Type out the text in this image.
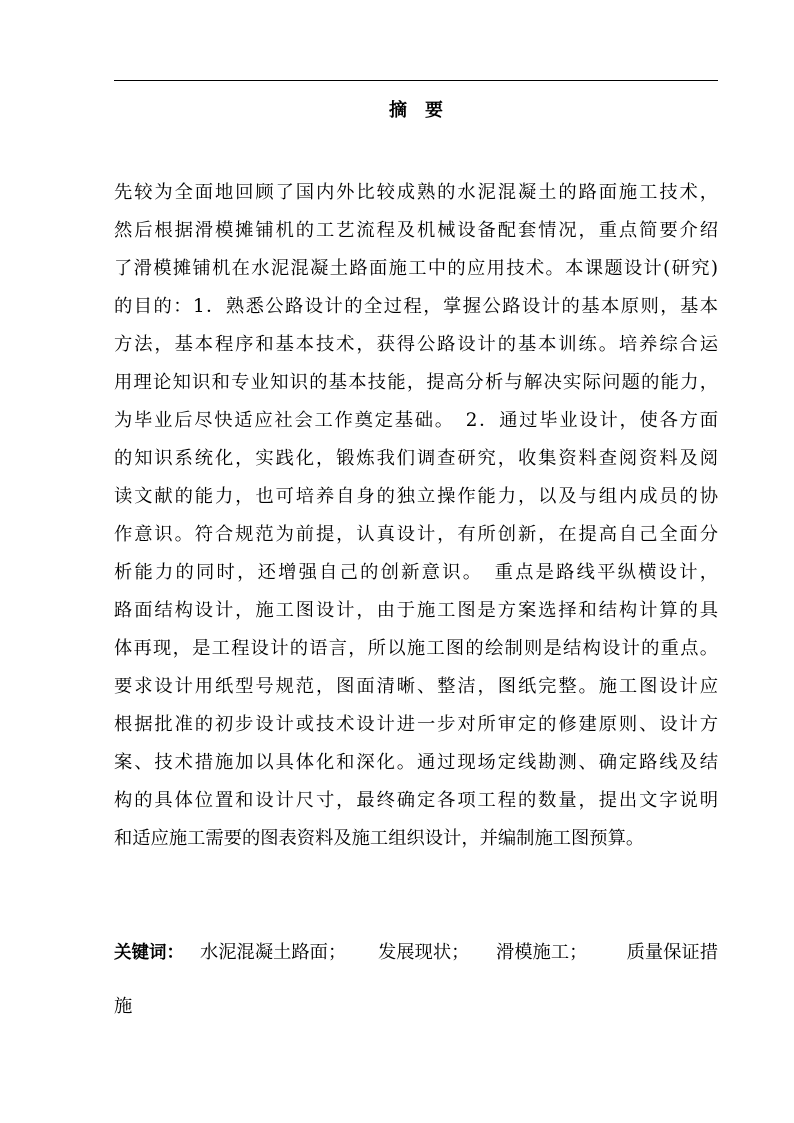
摘　要
先较为全面地回顾了国内外比较成熟的水泥混凝土的路面施工技术，
然后根据滑模摊铺机的工艺流程及机械设备配套情况，重点简要介绍
了滑模摊铺机在水泥混凝土路面施工中的应用技术。本课题设计(研究)
的目的：1．熟悉公路设计的全过程，掌握公路设计的基本原则，基本
方法，基本程序和基本技术，获得公路设计的基本训练。培养综合运
用理论知识和专业知识的基本技能，提高分析与解决实际问题的能力，
为毕业后尽快适应社会工作奠定基础。　2．通过毕业设计，使各方面
的知识系统化，实践化，锻炼我们调查研究，收集资料查阅资料及阅
读文献的能力，也可培养自身的独立操作能力，以及与组内成员的协
作意识。符合规范为前提，认真设计，有所创新，在提高自己全面分
析能力的同时，还增强自己的创新意识。　重点是路线平纵横设计，
路面结构设计，施工图设计，由于施工图是方案选择和结构计算的具
体再现，是工程设计的语言，所以施工图的绘制则是结构设计的重点。
要求设计用纸型号规范，图面清晰、整洁，图纸完整。施工图设计应
根据批准的初步设计或技术设计进一步对所审定的修建原则、设计方
案、技术措施加以具体化和深化。通过现场定线勘测、确定路线及结
构的具体位置和设计尺寸，最终确定各项工程的数量，提出文字说明
和适应施工需要的图表资料及施工组织设计，并编制施工图预算。
关键词： 水泥混凝土路面；	发展现状；	滑模施工；	质量保证措
施
